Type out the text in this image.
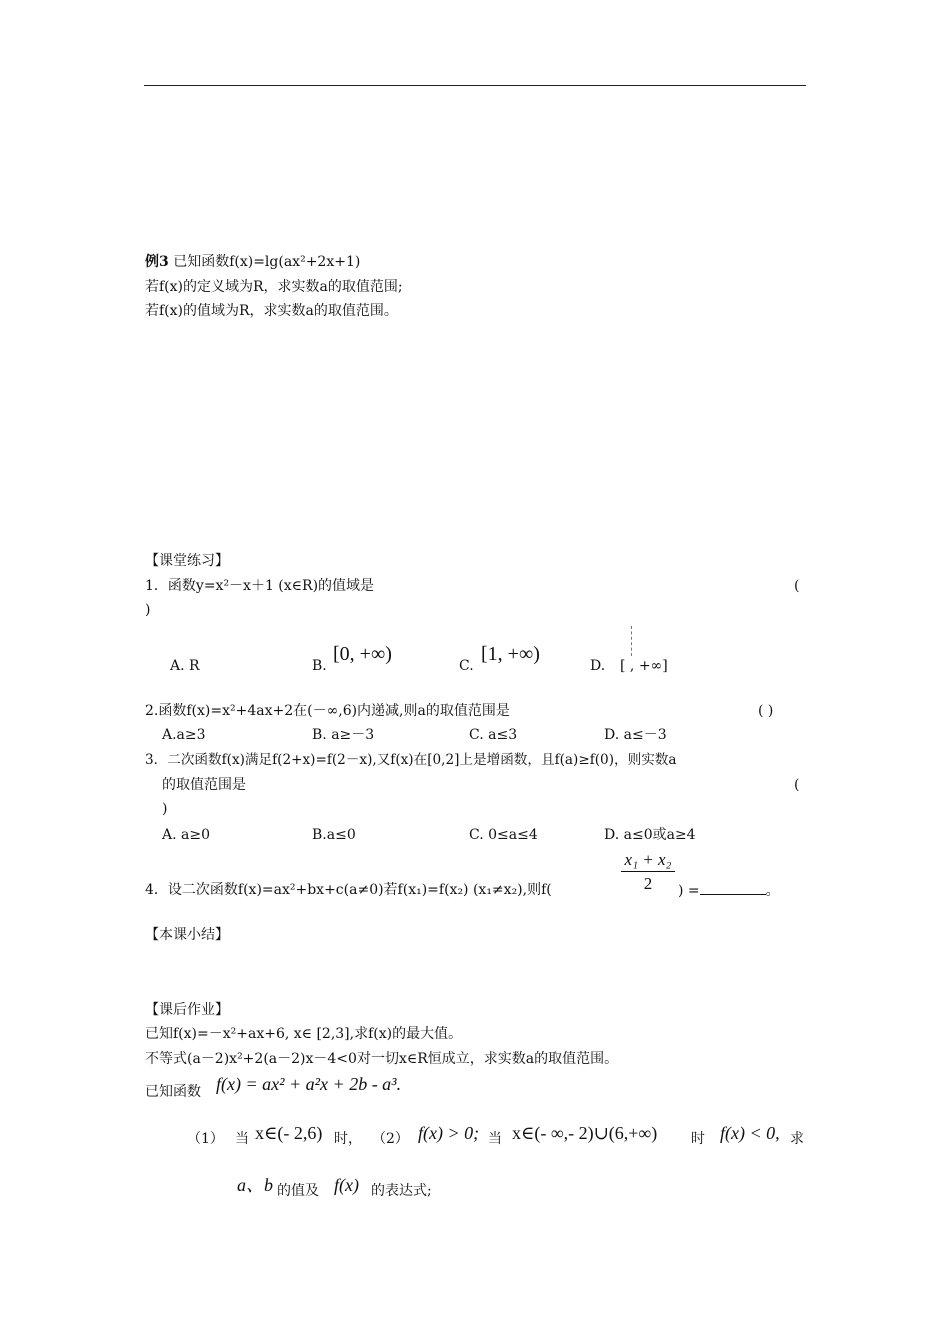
例3 已知函数f(x)=lg(ax²+2x+1)
若f(x)的定义域为R，求实数a的取值范围;
若f(x)的值域为R，求实数a的取值范围。
【课堂练习】
1．函数y=x²－x＋1 (x∈R)的值域是	(
)
A. R	B.
[0, +∞)
C.
[1, +∞)
D. [ , +∞]
2.函数f(x)=x²+4ax+2在(－∞,6)内递减,则a的取值范围是	( )
A.a≥3	B. a≥－3	C. a≤3	D. a≤－3
3．二次函数f(x)满足f(2+x)=f(2－x),又f(x)在[0,2]上是增函数，且f(a)≥f(0)，则实数a
的取值范围是	(
)
A. a≥0	B.a≤0	C. 0≤a≤4	D. a≤0或a≥4
4．设二次函数f(x)=ax²+bx+c(a≠0)若f(x₁)=f(x₂) (x₁≠x₂),则f(
x₁ + x₂
2	) =	。
【本课小结】
【课后作业】
已知f(x)=－x²+ax+6, x∈ [2,3],求f(x)的最大值。
不等式(a－2)x²+2(a－2)x－4<0对一切x∈R恒成立，求实数a的取值范围。
已知函数 f(x) = ax² + a²x + 2b - a³.
（1） 当 x∈(- 2,6) 时， （2） f(x) > 0; 当 x∈(- ∞,- 2)∪(6,+∞) 时 f(x) < 0, 求
a、b 的值及 f(x) 的表达式;
